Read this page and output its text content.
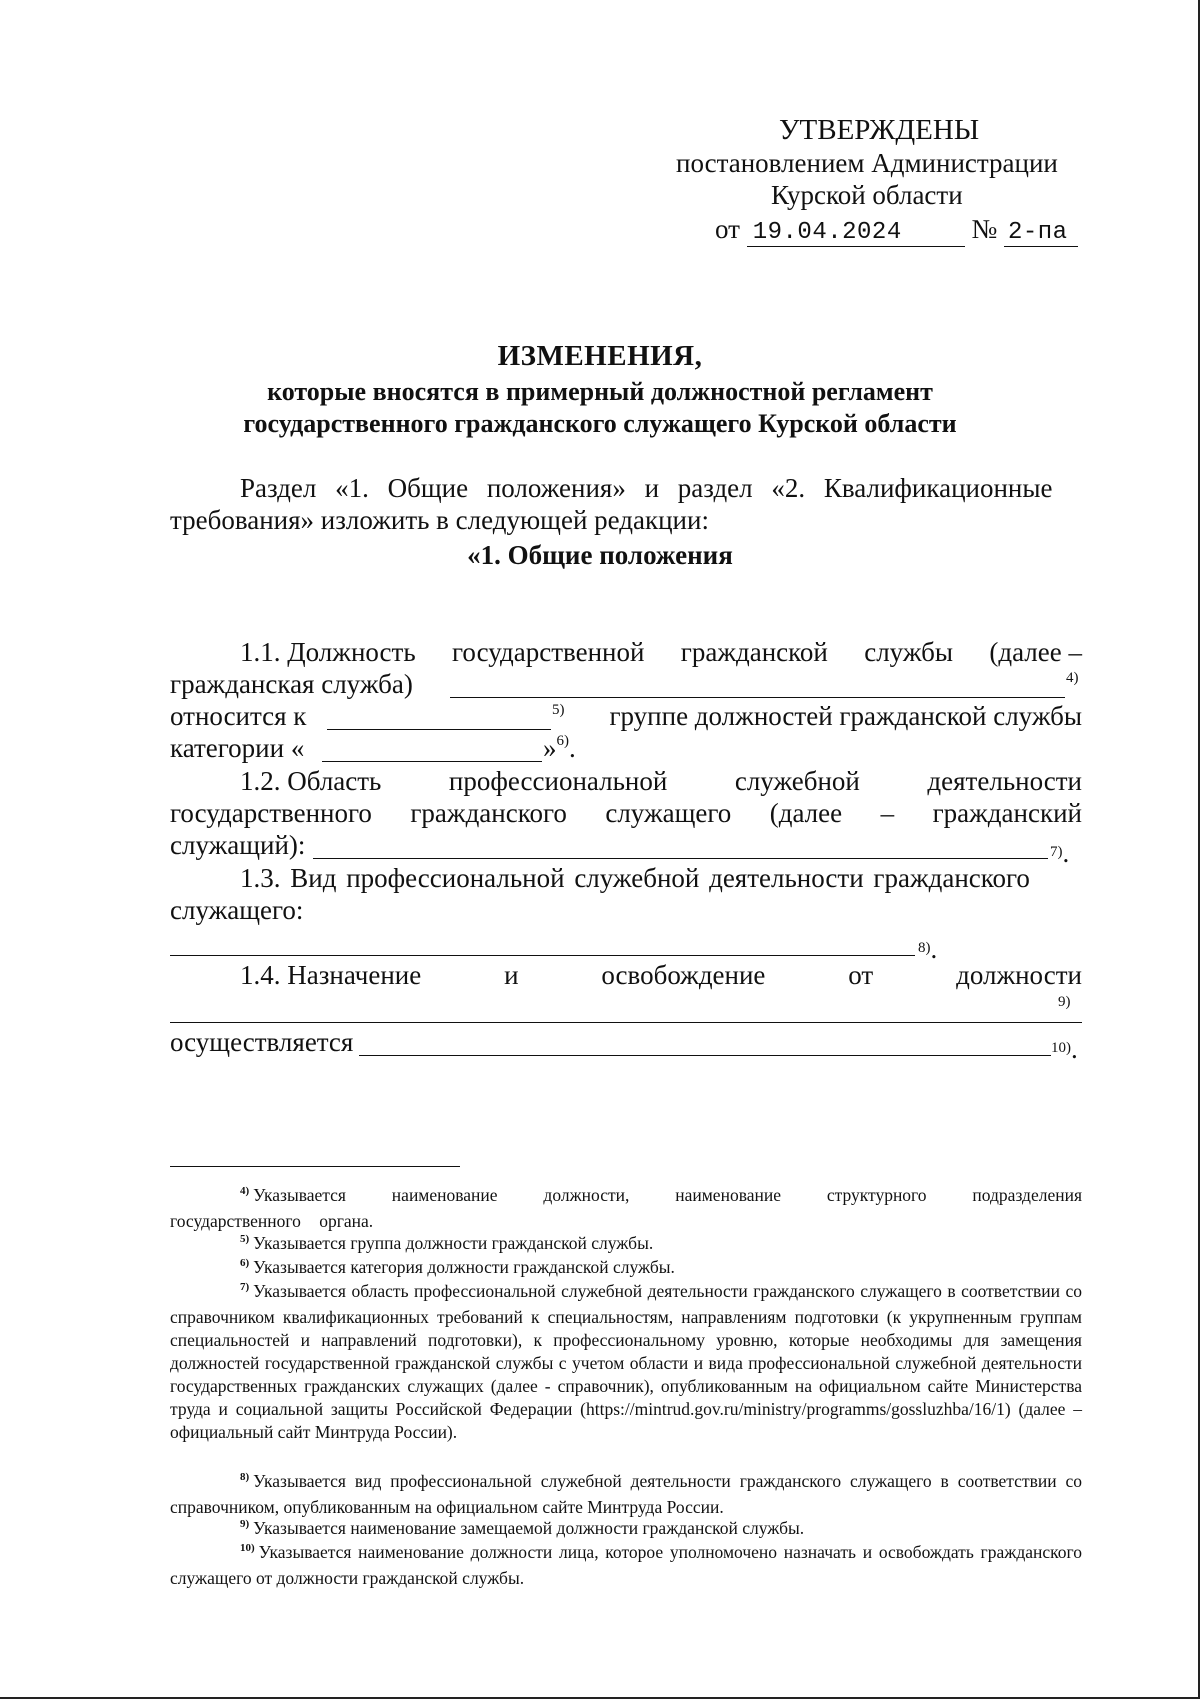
УТВЕРЖДЕНЫ
постановлением Администрации
Курской области
от 19.04.2024	№ 2-па
ИЗМЕНЕНИЯ,
которые вносятся в примерный должностной регламент
государственного гражданского служащего Курской области
Раздел «1. Общие положения» и раздел «2. Квалификационные
требования» изложить в следующей редакции:
«1. Общие положения
1.1. Должность государственной гражданской службы (далее –
гражданская служба)	4)
относится к	5)	группе должностей гражданской службы
категории «	»$^{6)}$.
1.2. Область	профессиональной	служебной	деятельности
государственного гражданского служащего (далее – гражданский
служащий):	7).
1.3. Вид профессиональной служебной деятельности гражданского
служащего:
8).
1.4. Назначение	и	освобождение	от	должности
9)
осуществляется	10).
$^{4)}$ Указывается наименование должности, наименование структурного подразделения государственного органа.
$^{5)}$ Указывается группа должности гражданской службы.
$^{6)}$ Указывается категория должности гражданской службы.
$^{7)}$ Указывается область профессиональной служебной деятельности гражданского служащего в соответствии со справочником квалификационных требований к специальностям, направлениям подготовки (к укрупненным группам специальностей и направлений подготовки), к профессиональному уровню, которые необходимы для замещения должностей государственной гражданской службы с учетом области и вида профессиональной служебной деятельности государственных гражданских служащих (далее - справочник), опубликованным на официальном сайте Министерства труда и социальной защиты Российской Федерации (https://mintrud.gov.ru/ministry/programms/gossluzhba/16/1) (далее – официальный сайт Минтруда России).
$^{8)}$ Указывается вид профессиональной служебной деятельности гражданского служащего в соответствии со справочником, опубликованным на официальном сайте Минтруда России.
$^{9)}$ Указывается наименование замещаемой должности гражданской службы.
$^{10)}$ Указывается наименование должности лица, которое уполномочено назначать и освобождать гражданского служащего от должности гражданской службы.
